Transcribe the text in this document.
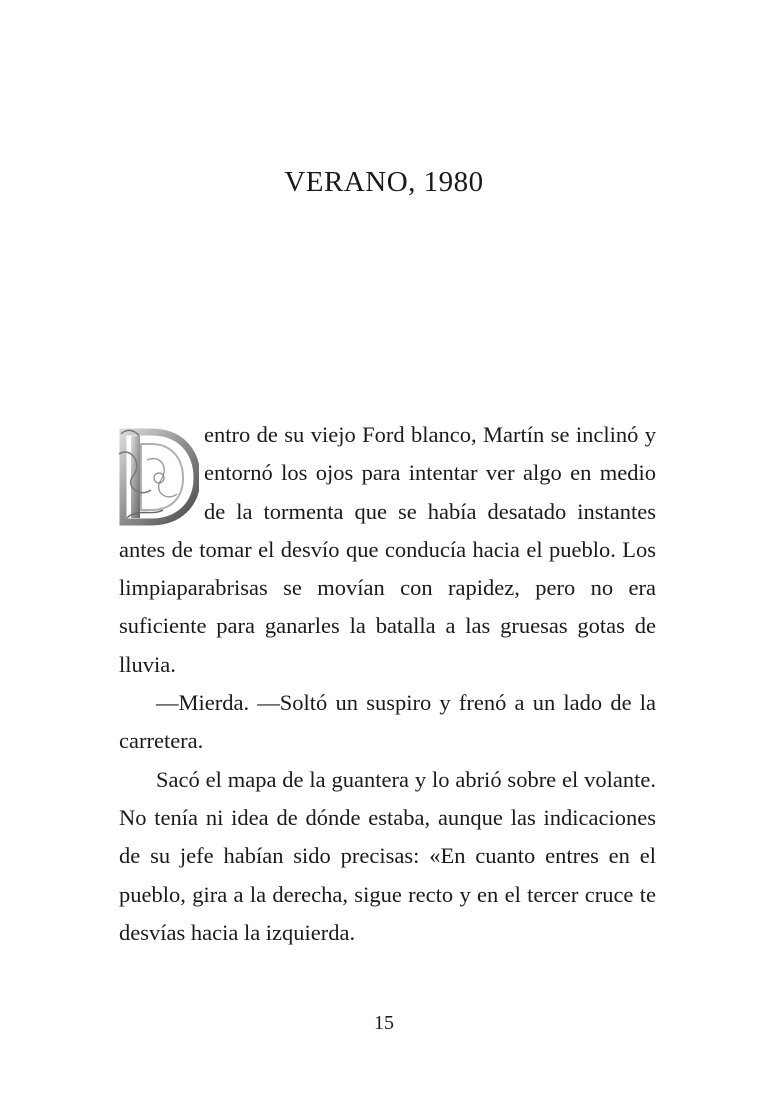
VERANO, 1980

entro de su viejo Ford blanco, Martín se inclinó y entornó los ojos para intentar ver algo en medio de la tormenta que se había desatado instantes antes de tomar el desvío que conducía hacia el pueblo. Los limpiaparabrisas se movían con rapidez, pero no era suficiente para ganarles la batalla a las gruesas gotas de lluvia.

—Mierda. —Soltó un suspiro y frenó a un lado de la carretera.

Sacó el mapa de la guantera y lo abrió sobre el volante. No tenía ni idea de dónde estaba, aunque las indicaciones de su jefe habían sido precisas: «En cuanto entres en el pueblo, gira a la derecha, sigue recto y en el tercer cruce te desvías hacia la izquierda.

15
